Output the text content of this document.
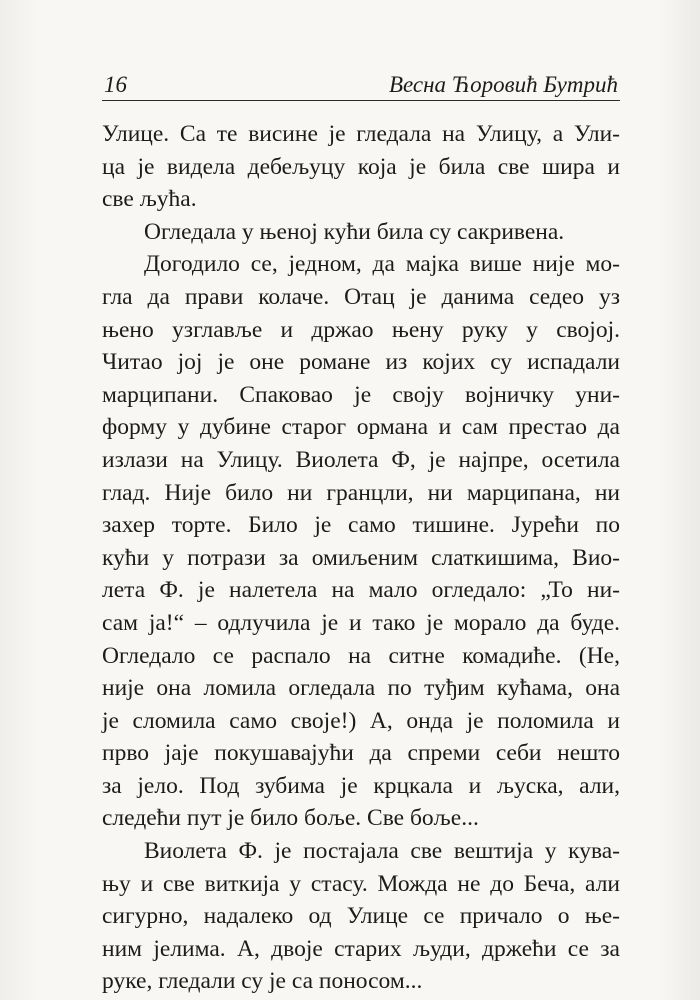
16	Весна Ћоровић Бутрић
Улице. Са те висине је гледала на Улицу, а Ули-
ца је видела дебељуцу која је била све шира и
све љућа.
Огледала у њеној кући била су сакривена.
Догодило се, једном, да мајка више није мо-
гла да прави колаче. Отац је данима седео уз
њено узглавље и држао њену руку у својој.
Читао јој је оне романе из којих су испадали
марципани. Спаковао је своју војничку уни-
форму у дубине старог ормана и сам престао да
излази на Улицу. Виолета Ф, је најпре, осетила
глад. Није било ни гранцли, ни марципана, ни
захер торте. Било је само тишине. Јурећи по
кући у потрази за омиљеним слаткишима, Вио-
лета Ф. је налетела на мало огледало: „То ни-
сам ја!“ – одлучила је и тако је морало да буде.
Огледало се распало на ситне комадиће. (Не,
није она ломила огледала по туђим кућама, она
је сломила само своје!) А, онда је поломила и
прво јаје покушавајући да спреми себи нешто
за јело. Под зубима је крцкала и љуска, али,
следећи пут је било боље. Све боље...
Виолета Ф. је постајала све вештија у кува-
њу и све виткија у стасу. Можда не до Беча, али
сигурно, надалеко од Улице се причало о ње-
ним јелима. А, двоје старих људи, држећи се за
руке, гледали су је са поносом...
